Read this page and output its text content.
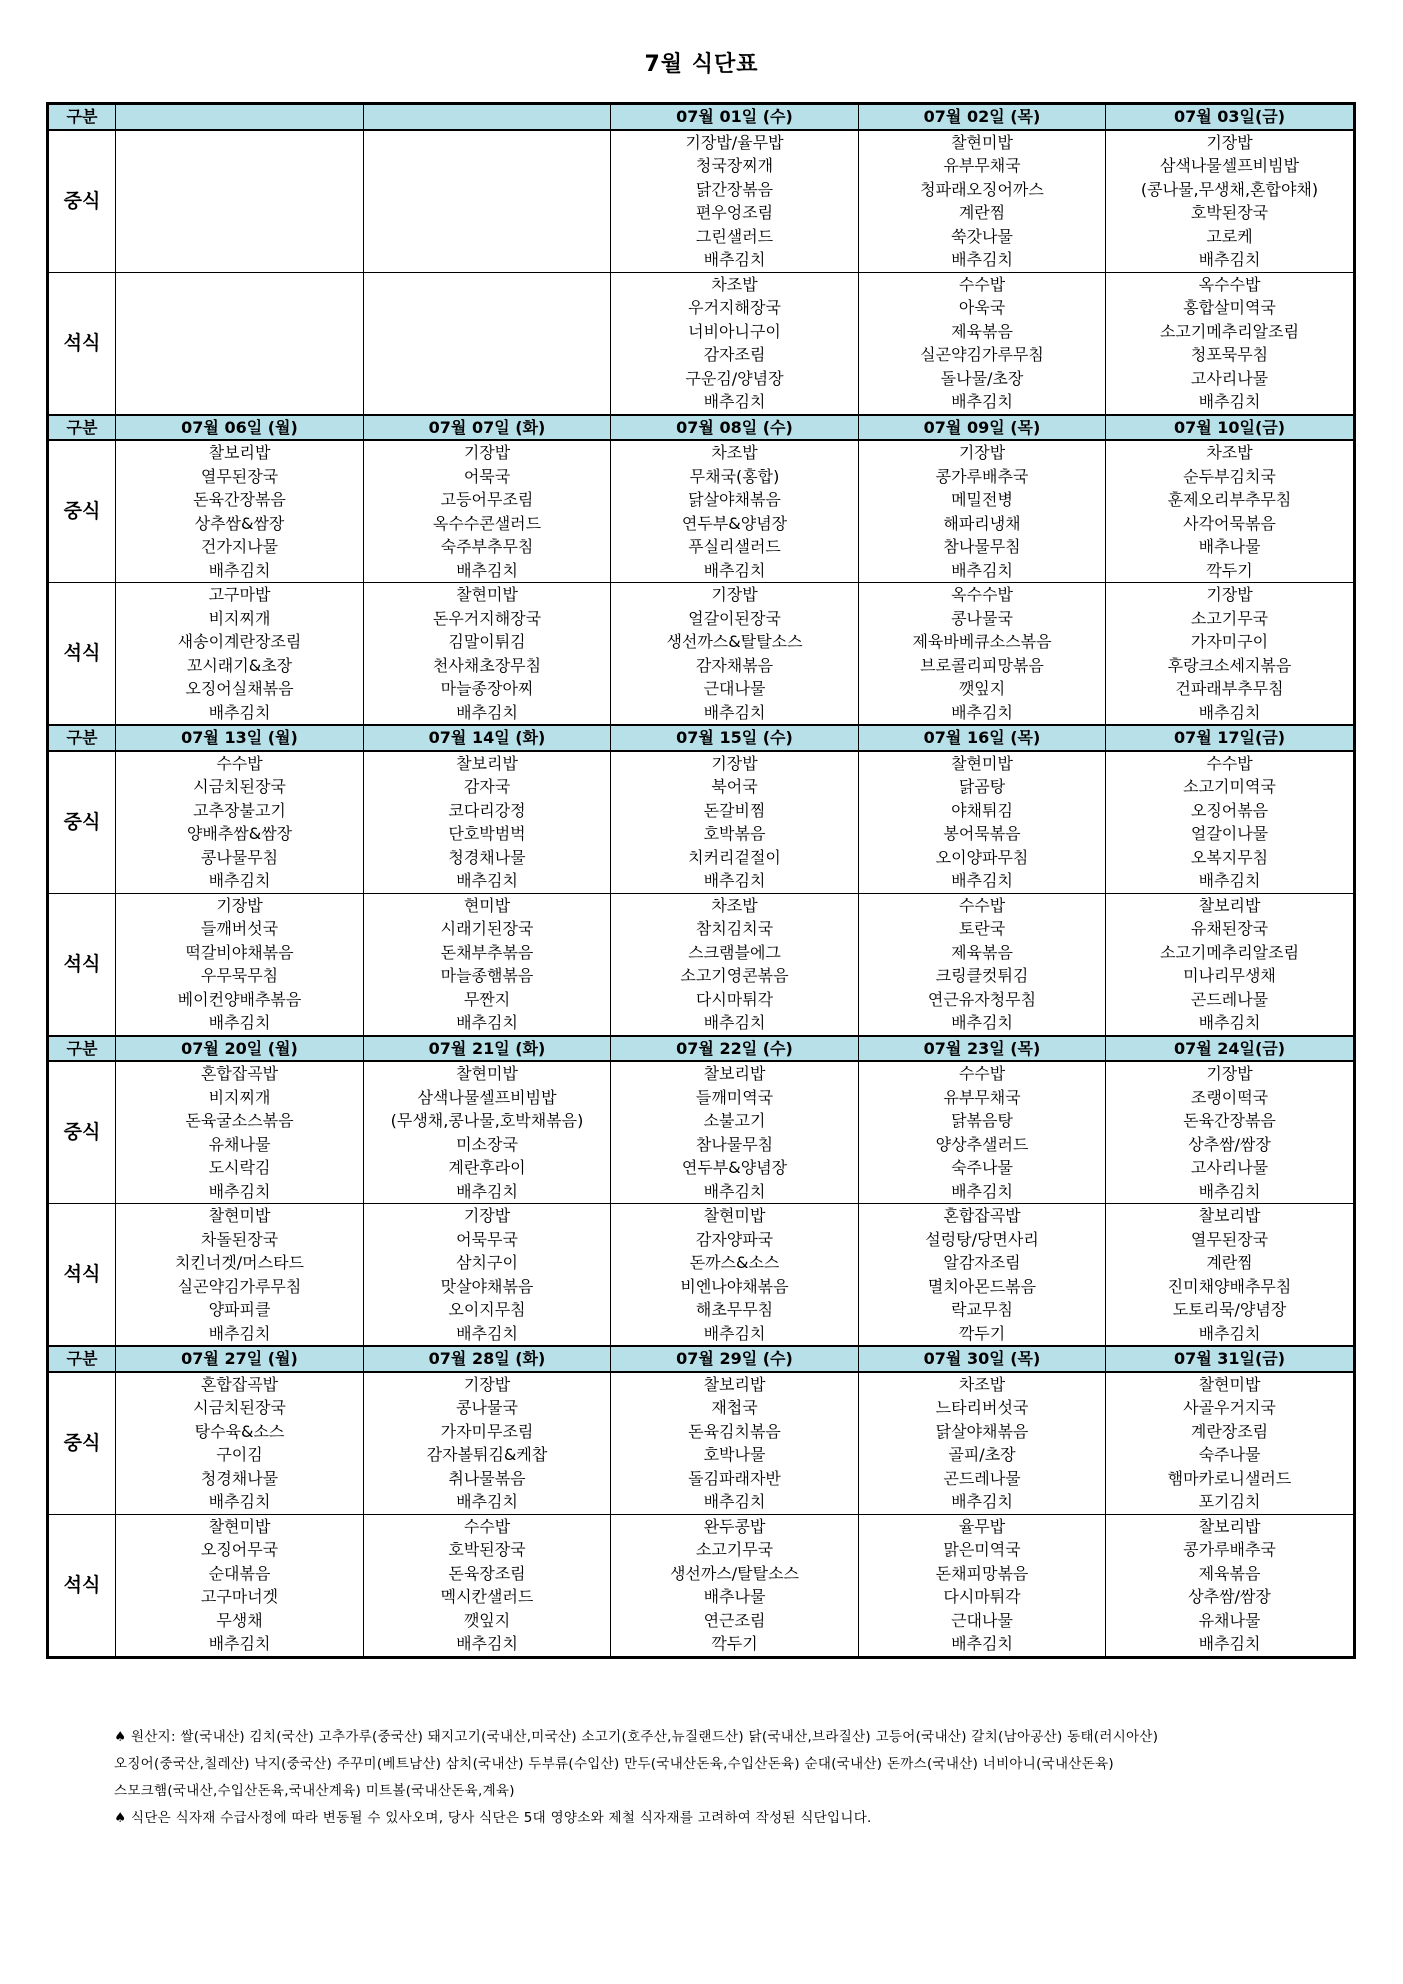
7월 식단표
구분			07월 01일 (수)	07월 02일 (목)	07월 03일(금)
중식			기장밥/율무밥	찰현미밥	기장밥
			청국장찌개	유부무채국	삼색나물셀프비빔밥
			닭간장볶음	청파래오징어까스	(콩나물,무생채,혼합야채)
			편우엉조림	계란찜	호박된장국
			그린샐러드	쑥갓나물	고로케
			배추김치	배추김치	배추김치
석식			차조밥	수수밥	옥수수밥
			우거지해장국	아욱국	홍합살미역국
			너비아니구이	제육볶음	소고기메추리알조림
			감자조림	실곤약김가루무침	청포묵무침
			구운김/양념장	돌나물/초장	고사리나물
			배추김치	배추김치	배추김치
구분	07월 06일 (월)	07월 07일 (화)	07월 08일 (수)	07월 09일 (목)	07월 10일(금)
중식	찰보리밥	기장밥	차조밥	기장밥	차조밥
	열무된장국	어묵국	무채국(홍합)	콩가루배추국	순두부김치국
	돈육간장볶음	고등어무조림	닭살야채볶음	메밀전병	훈제오리부추무침
	상추쌈&쌈장	옥수수콘샐러드	연두부&양념장	해파리냉채	사각어묵볶음
	건가지나물	숙주부추무침	푸실리샐러드	참나물무침	배추나물
	배추김치	배추김치	배추김치	배추김치	깍두기
석식	고구마밥	찰현미밥	기장밥	옥수수밥	기장밥
	비지찌개	돈우거지해장국	얼갈이된장국	콩나물국	소고기무국
	새송이계란장조림	김말이튀김	생선까스&탈탈소스	제육바베큐소스볶음	가자미구이
	꼬시래기&초장	천사채초장무침	감자채볶음	브로콜리피망볶음	후랑크소세지볶음
	오징어실채볶음	마늘종장아찌	근대나물	깻잎지	건파래부추무침
	배추김치	배추김치	배추김치	배추김치	배추김치
구분	07월 13일 (월)	07월 14일 (화)	07월 15일 (수)	07월 16일 (목)	07월 17일(금)
중식	수수밥	찰보리밥	기장밥	찰현미밥	수수밥
	시금치된장국	감자국	북어국	닭곰탕	소고기미역국
	고추장불고기	코다리강정	돈갈비찜	야채튀김	오징어볶음
	양배추쌈&쌈장	단호박범벅	호박볶음	봉어묵볶음	얼갈이나물
	콩나물무침	청경채나물	치커리겉절이	오이양파무침	오복지무침
	배추김치	배추김치	배추김치	배추김치	배추김치
석식	기장밥	현미밥	차조밥	수수밥	찰보리밥
	들깨버섯국	시래기된장국	참치김치국	토란국	유채된장국
	떡갈비야채볶음	돈채부추볶음	스크램블에그	제육볶음	소고기메추리알조림
	우무묵무침	마늘종햄볶음	소고기영콘볶음	크링클컷튀김	미나리무생채
	베이컨양배추볶음	무짠지	다시마튀각	연근유자청무침	곤드레나물
	배추김치	배추김치	배추김치	배추김치	배추김치
구분	07월 20일 (월)	07월 21일 (화)	07월 22일 (수)	07월 23일 (목)	07월 24일(금)
중식	혼합잡곡밥	찰현미밥	찰보리밥	수수밥	기장밥
	비지찌개	삼색나물셀프비빔밥	들깨미역국	유부무채국	조랭이떡국
	돈육굴소스볶음	(무생채,콩나물,호박채볶음)	소불고기	닭볶음탕	돈육간장볶음
	유채나물	미소장국	참나물무침	양상추샐러드	상추쌈/쌈장
	도시락김	계란후라이	연두부&양념장	숙주나물	고사리나물
	배추김치	배추김치	배추김치	배추김치	배추김치
석식	찰현미밥	기장밥	찰현미밥	혼합잡곡밥	찰보리밥
	차돌된장국	어묵무국	감자양파국	설렁탕/당면사리	열무된장국
	치킨너겟/머스타드	삼치구이	돈까스&소스	알감자조림	계란찜
	실곤약김가루무침	맛살야채볶음	비엔나야채볶음	멸치아몬드볶음	진미채양배추무침
	양파피클	오이지무침	해초무무침	락교무침	도토리묵/양념장
	배추김치	배추김치	배추김치	깍두기	배추김치
구분	07월 27일 (월)	07월 28일 (화)	07월 29일 (수)	07월 30일 (목)	07월 31일(금)
중식	혼합잡곡밥	기장밥	찰보리밥	차조밥	찰현미밥
	시금치된장국	콩나물국	재첩국	느타리버섯국	사골우거지국
	탕수육&소스	가자미무조림	돈육김치볶음	닭살야채볶음	계란장조림
	구이김	감자볼튀김&케찹	호박나물	골피/초장	숙주나물
	청경채나물	취나물볶음	돌김파래자반	곤드레나물	햄마카로니샐러드
	배추김치	배추김치	배추김치	배추김치	포기김치
석식	찰현미밥	수수밥	완두콩밥	율무밥	찰보리밥
	오징어무국	호박된장국	소고기무국	맑은미역국	콩가루배추국
	순대볶음	돈육장조림	생선까스/탈탈소스	돈채피망볶음	제육볶음
	고구마너겟	멕시칸샐러드	배추나물	다시마튀각	상추쌈/쌈장
	무생채	깻잎지	연근조림	근대나물	유채나물
	배추김치	배추김치	깍두기	배추김치	배추김치
♠ 원산지: 쌀(국내산) 김치(국산) 고추가루(중국산) 돼지고기(국내산,미국산) 소고기(호주산,뉴질랜드산) 닭(국내산,브라질산) 고등어(국내산) 갈치(남아공산) 동태(러시아산)
오징어(중국산,칠레산) 낙지(중국산) 주꾸미(베트남산) 삼치(국내산) 두부류(수입산) 만두(국내산돈육,수입산돈육) 순대(국내산) 돈까스(국내산) 너비아니(국내산돈육)
스모크햄(국내산,수입산돈육,국내산계육) 미트볼(국내산돈육,계육)
♠ 식단은 식자재 수급사정에 따라 변동될 수 있사오며, 당사 식단은 5대 영양소와 제철 식자재를 고려하여 작성된 식단입니다.
